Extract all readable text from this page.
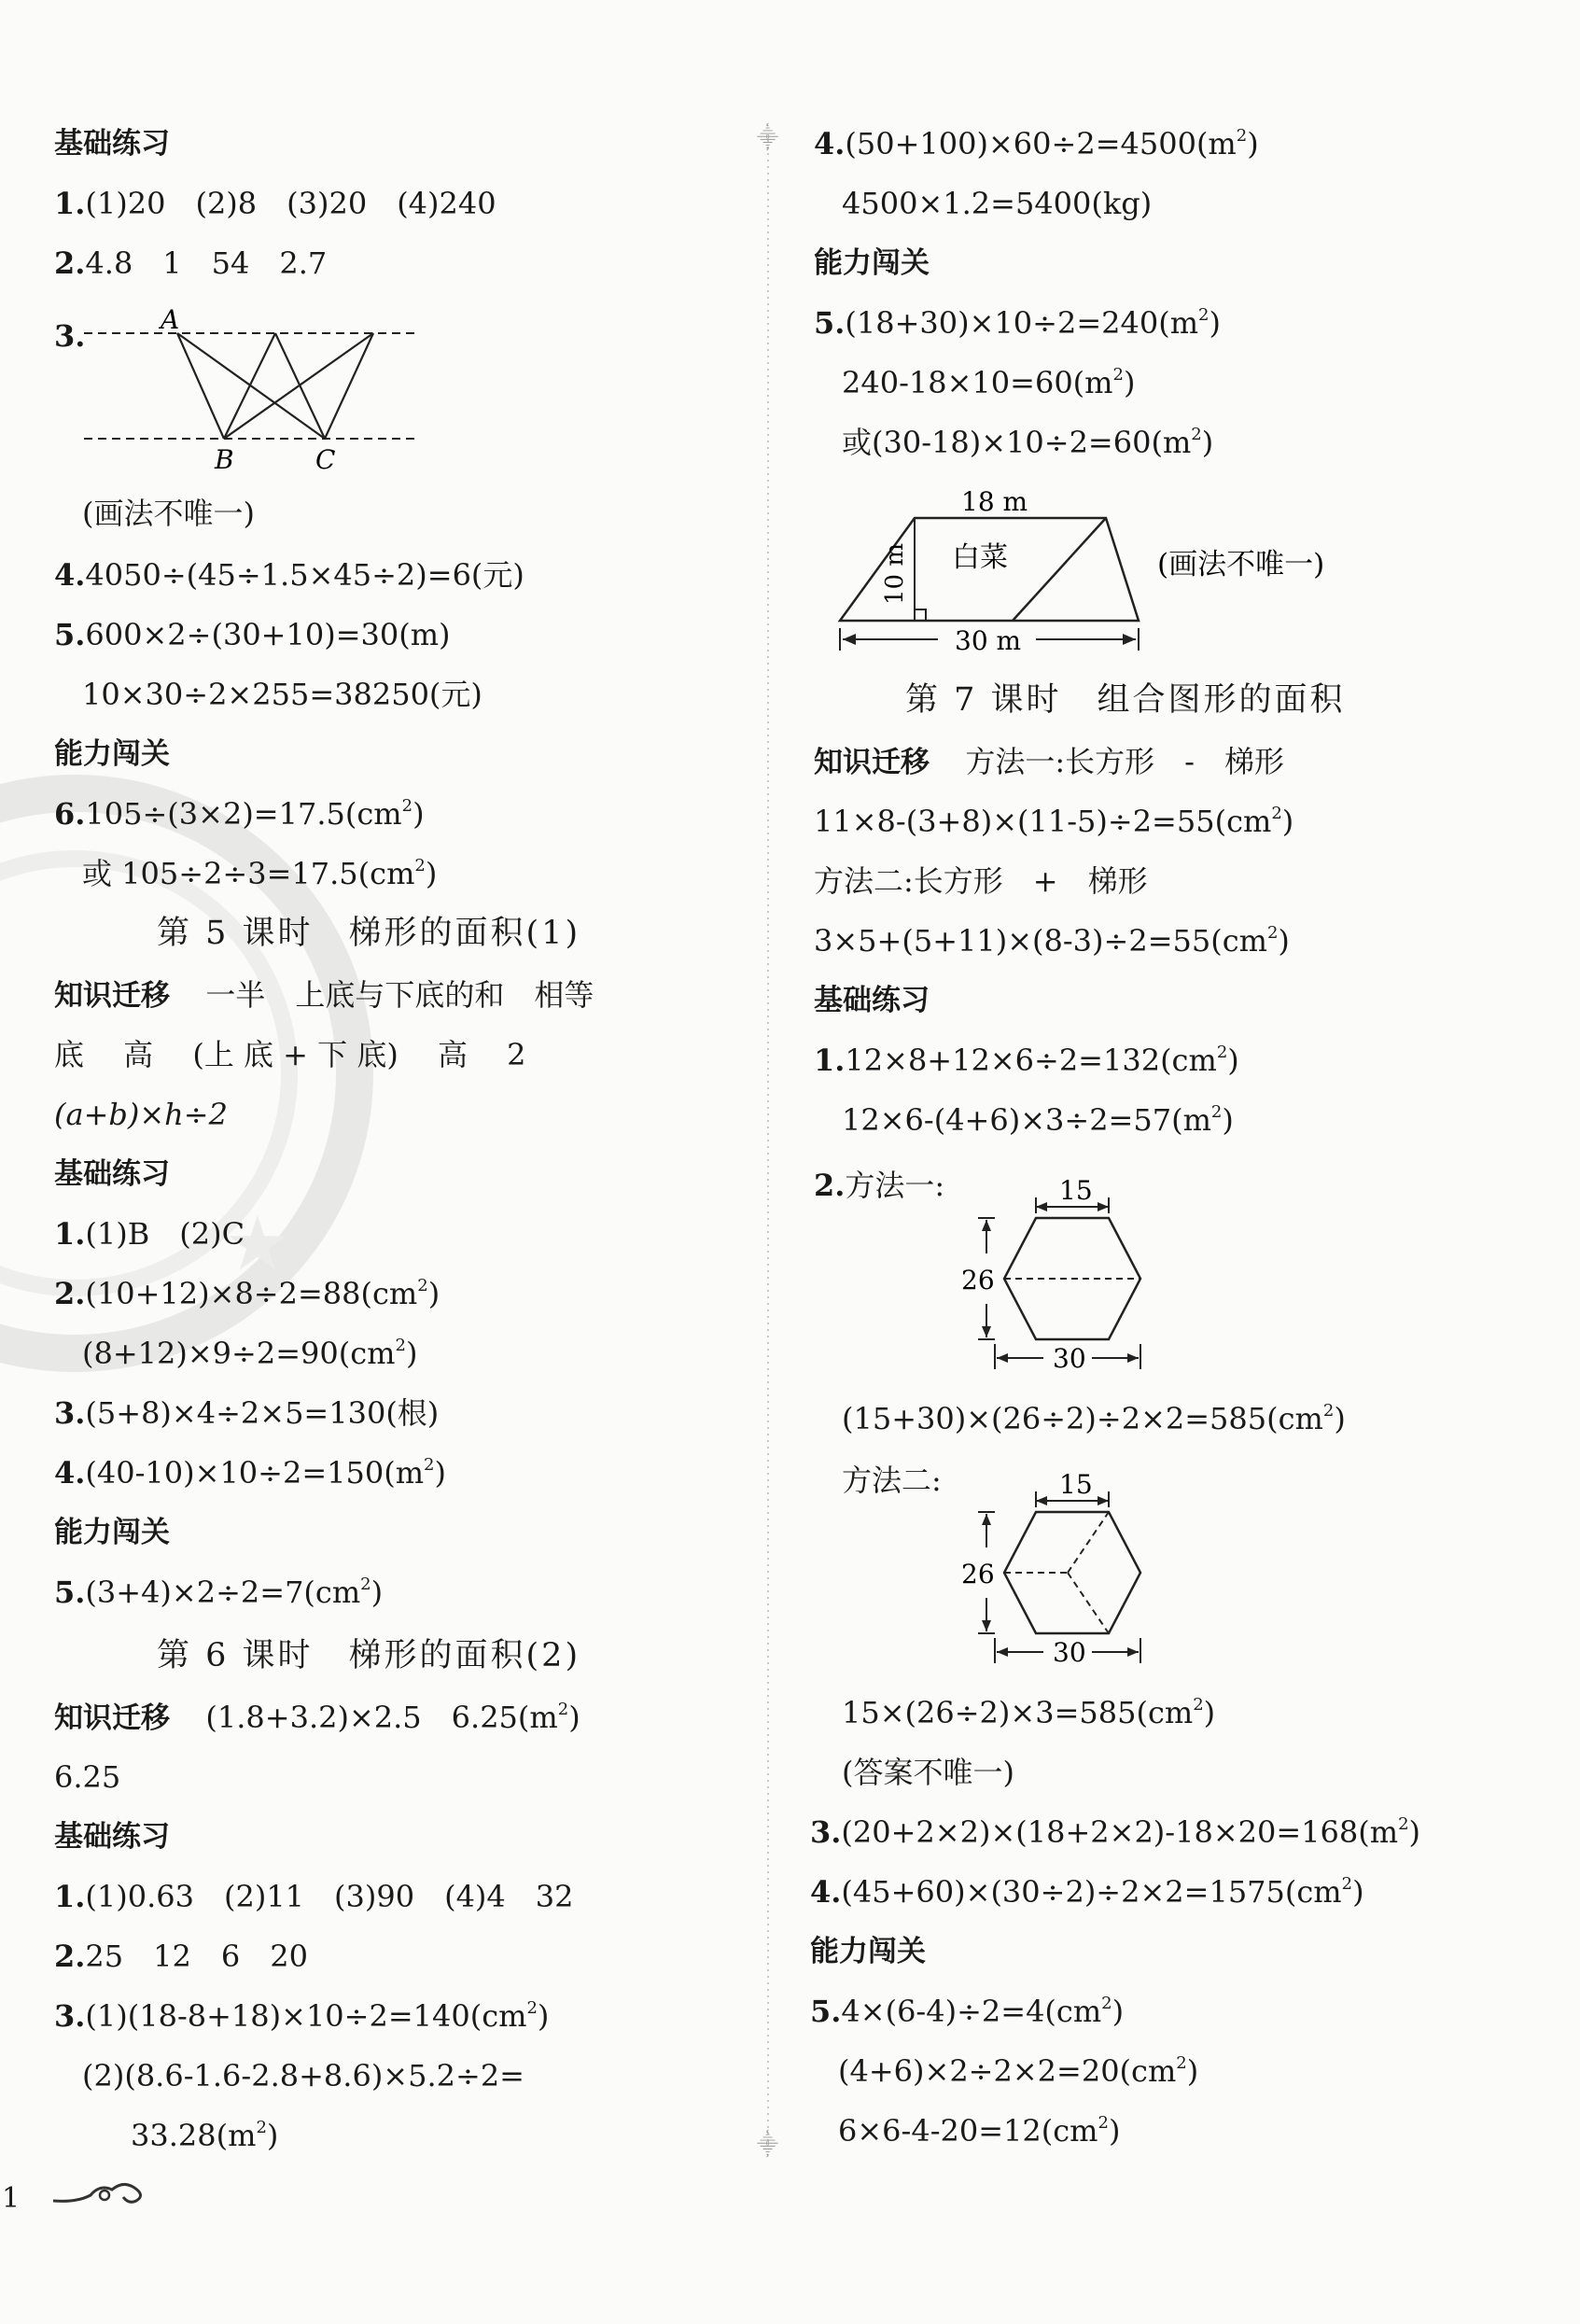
★
⸎
⸎
基础练习
1.(1)20　(2)8　(3)20　(4)240
2.4.8　1　54　2.7
3.	A
B	C
(画法不唯一)
4.4050÷(45÷1.5×45÷2)=6(元)
5.600×2÷(30+10)=30(m)
10×30÷2×255=38250(元)
能力闯关
$6.105\div(3\times 2)=17.5(cm^2)$
或 $105\div 2\div 3=17.5(cm^2)$
第 5 课时　梯形的面积(1)
知识迁移 一半　上底与下底的和　相等
底　 高　 (上 底 + 下 底)　 高　 2
(a+b)×h÷2
基础练习
1.(1)B　(2)C
$2.(10+12)\times 8\div 2=88(cm^2)$
$(8+12)\times 9\div 2=90(cm^2)$
3.(5+8)×4÷2×5=130(根)
$4.(40-10)\times 10\div 2=150(m^2)$
能力闯关
$5.(3+4)\times 2\div 2=7(cm^2)$
第 6 课时　梯形的面积(2)
知识迁移 (1.8+3.2)×2.5　$6.25(m^2)$
6.25
基础练习
1.(1)0.63　(2)11　(3)90　(4)4　32
2.25　12　6　20
$3.(1)(18-8+18)\times 10\div 2=140(cm^2)$
(2)(8.6-1.6-2.8+8.6)×5.2÷2=
$33.28(m^2)$
1
$4.(50+100)\times 60\div 2=4500(m^2)$
4500×1.2=5400(kg)
能力闯关
$5.(18+30)\times 10\div 2=240(m^2)$
$240-18\times 10=60(m^2)$
或$(30-18)\times 10\div 2=60(m^2)$
18 m
30 m
10 m 白菜	(画法不唯一)
第 7 课时　组合图形的面积
知识迁移 方法一:长方形　-　梯形
$11\times 8-(3+8)\times(11-5)\div 2=55(cm^2)$
方法二:长方形　+　梯形
$3\times 5+(5+11)\times(8-3)\div 2=55(cm^2)$
基础练习
$1.12\times 8+12\times 6\div 2=132(cm^2)$
$12\times 6-(4+6)\times 3\div 2=57(m^2)$
2.方法一:	15
26
30
$(15+30)\times(26\div 2)\div 2\times 2=585(cm^2)$
方法二:	15
26
30
$15\times(26\div 2)\times 3=585(cm^2)$
(答案不唯一)
$3.(20+2\times 2)\times(18+2\times 2)-18\times 20=168(m^2)$
$4.(45+60)\times(30\div 2)\div 2\times 2=1575(cm^2)$
能力闯关
$5.4\times(6-4)\div 2=4(cm^2)$
$(4+6)\times 2\div 2\times 2=20(cm^2)$
$6\times 6-4-20=12(cm^2)$
